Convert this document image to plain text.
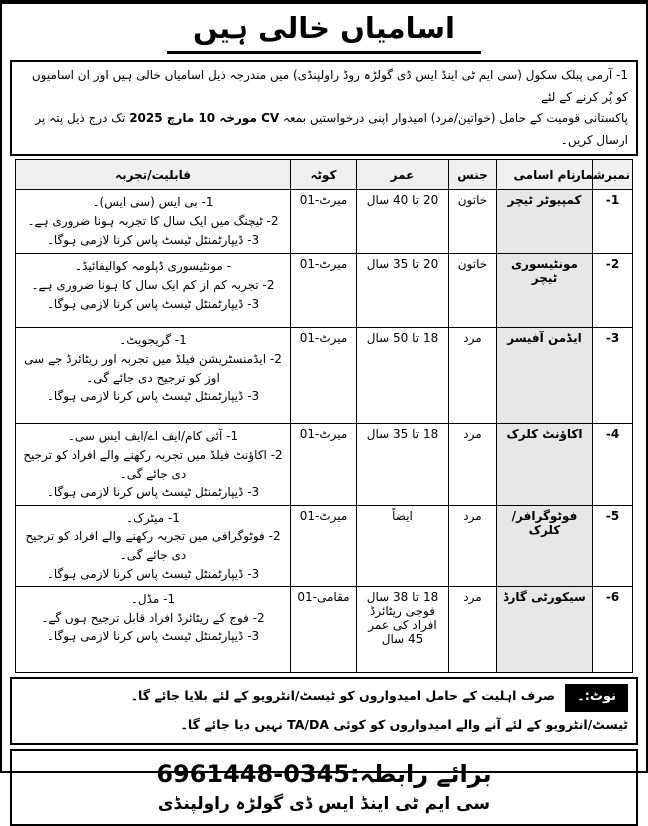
اسامیاں خالی ہیں
1- آرمی پبلک سکول (سی ایم ٹی اینڈ ایس ڈی گولڑہ روڈ راولپنڈی) میں مندرجہ ذیل اسامیاں خالی ہیں اور ان اسامیوں کو پُر کرنے کے لئے
پاکستانی قومیت کے حامل (خواتین/مرد) امیدوار اپنی درخواستیں بمعہ CV مورخہ 10 مارچ 2025 تک درج ذیل پتہ پر ارسال کریں۔
نمبرشمار	نام اسامی	جنس	عمر	کوٹہ	قابلیت/تجربہ
1-	کمپیوٹر ٹیچر	خاتون	20 تا 40 سال	میرٹ-01	1- بی ایس (سی ایس)۔
2- ٹیچنگ میں ایک سال کا تجربہ ہونا ضروری ہے۔
3- ڈیپارٹمنٹل ٹیسٹ پاس کرنا لازمی ہوگا۔

2-	مونٹیسوری ٹیچر	خاتون	20 تا 35 سال	میرٹ-01	- مونٹیسوری ڈپلومہ کوالیفائیڈ۔
2- تجربہ کم از کم ایک سال کا ہونا ضروری ہے۔
3- ڈیپارٹمنٹل ٹیسٹ پاس کرنا لازمی ہوگا۔

3-	ایڈمن آفیسر	مرد	18 تا 50 سال	میرٹ-01	1- گریجویٹ۔
2- ایڈمنسٹریشن فیلڈ میں تجربہ اور ریٹائرڈ جے سی اوز کو ترجیح دی جائے گی۔
3- ڈیپارٹمنٹل ٹیسٹ پاس کرنا لازمی ہوگا۔

4-	اکاؤنٹ کلرک	مرد	18 تا 35 سال	میرٹ-01	1- آئی کام/ایف اے/ایف ایس سی۔
2- اکاؤنٹ فیلڈ میں تجربہ رکھنے والے افراد کو ترجیح دی جائے گی۔
3- ڈیپارٹمنٹل ٹیسٹ پاس کرنا لازمی ہوگا۔

5-	فوٹوگرافر/کلرک	مرد	ایضاً	میرٹ-01	1- میٹرک۔
2- فوٹوگرافی میں تجربہ رکھنے والے افراد کو ترجیح دی جائے گی۔
3- ڈیپارٹمنٹل ٹیسٹ پاس کرنا لازمی ہوگا۔

6-	سیکورٹی گارڈ	مرد	18 تا 38 سال فوجی ریٹائرڈ افراد کی عمر 45 سال	مقامی-01	1- مڈل۔
2- فوج کے ریٹائرڈ افراد قابل ترجیح ہوں گے۔
3- ڈیپارٹمنٹل ٹیسٹ پاس کرنا لازمی ہوگا۔
نوٹ:۔صرف اہلیت کے حامل امیدواروں کو ٹیسٹ/انٹرویو کے لئے بلایا جائے گا۔
ٹیسٹ/انٹرویو کے لئے آنے والے امیدواروں کو کوئی TA/DA نہیں دیا جائے گا۔
برائے رابطہ:0345-6961448
سی ایم ٹی اینڈ ایس ڈی گولڑہ راولپنڈی
